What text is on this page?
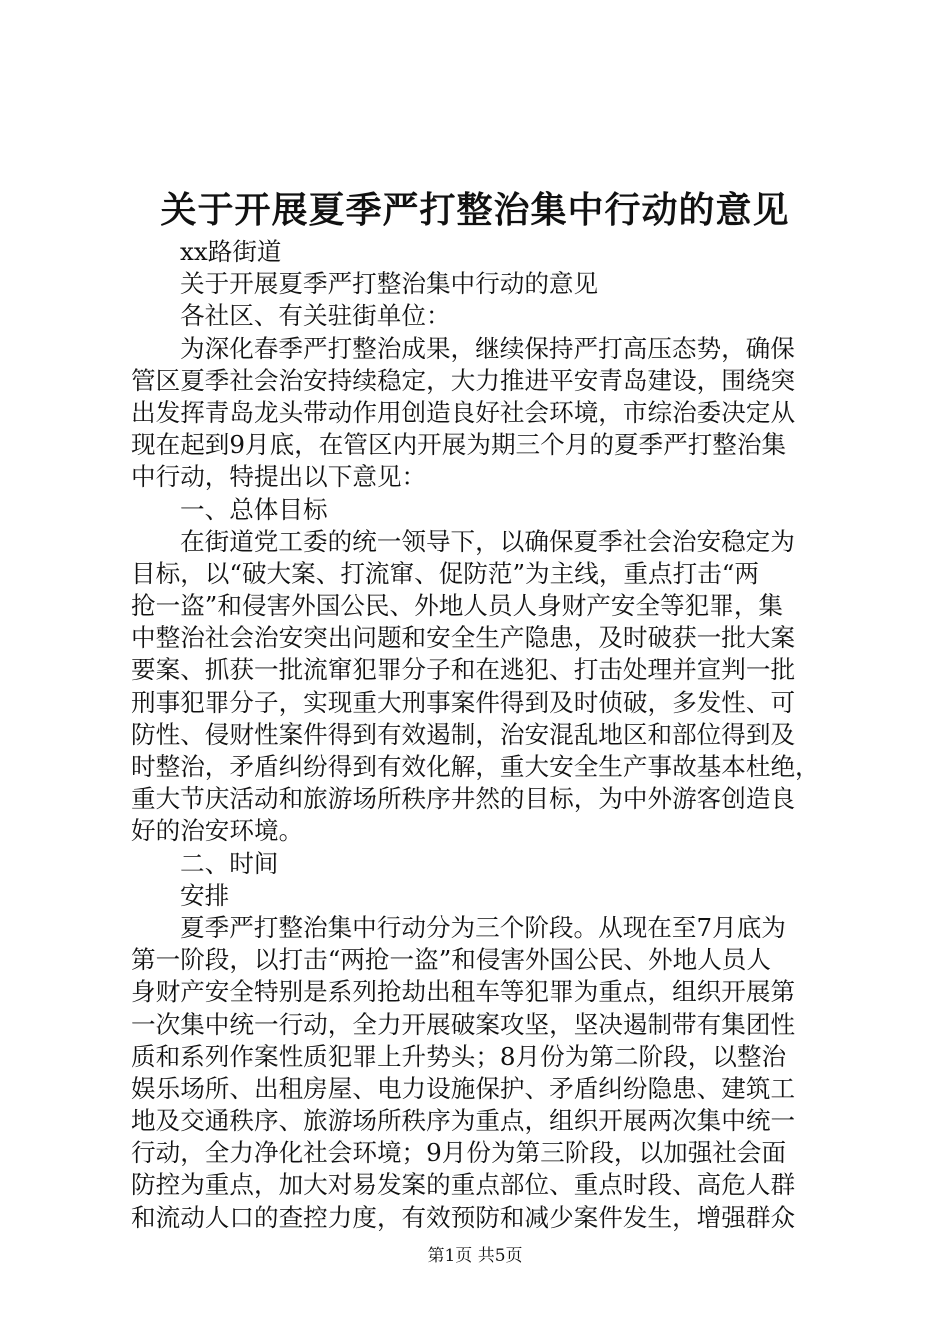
关于开展夏季严打整治集中行动的意见
xx路街道
关于开展夏季严打整治集中行动的意见
各社区、有关驻街单位：
为深化春季严打整治成果，继续保持严打高压态势，确保
管区夏季社会治安持续稳定，大力推进平安青岛建设，围绕突
出发挥青岛龙头带动作用创造良好社会环境，市综治委决定从
现在起到9月底，在管区内开展为期三个月的夏季严打整治集
中行动，特提出以下意见：
一、总体目标
在街道党工委的统一领导下，以确保夏季社会治安稳定为
目标，以“破大案、打流窜、促防范”为主线，重点打击“两
抢一盗”和侵害外国公民、外地人员人身财产安全等犯罪，集
中整治社会治安突出问题和安全生产隐患，及时破获一批大案
要案、抓获一批流窜犯罪分子和在逃犯、打击处理并宣判一批
刑事犯罪分子，实现重大刑事案件得到及时侦破，多发性、可
防性、侵财性案件得到有效遏制，治安混乱地区和部位得到及
时整治，矛盾纠纷得到有效化解，重大安全生产事故基本杜绝，
重大节庆活动和旅游场所秩序井然的目标，为中外游客创造良
好的治安环境。
二、时间
安排
夏季严打整治集中行动分为三个阶段。从现在至7月底为
第一阶段，以打击“两抢一盗”和侵害外国公民、外地人员人
身财产安全特别是系列抢劫出租车等犯罪为重点，组织开展第
一次集中统一行动，全力开展破案攻坚，坚决遏制带有集团性
质和系列作案性质犯罪上升势头；8月份为第二阶段，以整治
娱乐场所、出租房屋、电力设施保护、矛盾纠纷隐患、建筑工
地及交通秩序、旅游场所秩序为重点，组织开展两次集中统一
行动，全力净化社会环境；9月份为第三阶段，以加强社会面
防控为重点，加大对易发案的重点部位、重点时段、高危人群
和流动人口的查控力度，有效预防和减少案件发生，增强群众
第1页 共5页
